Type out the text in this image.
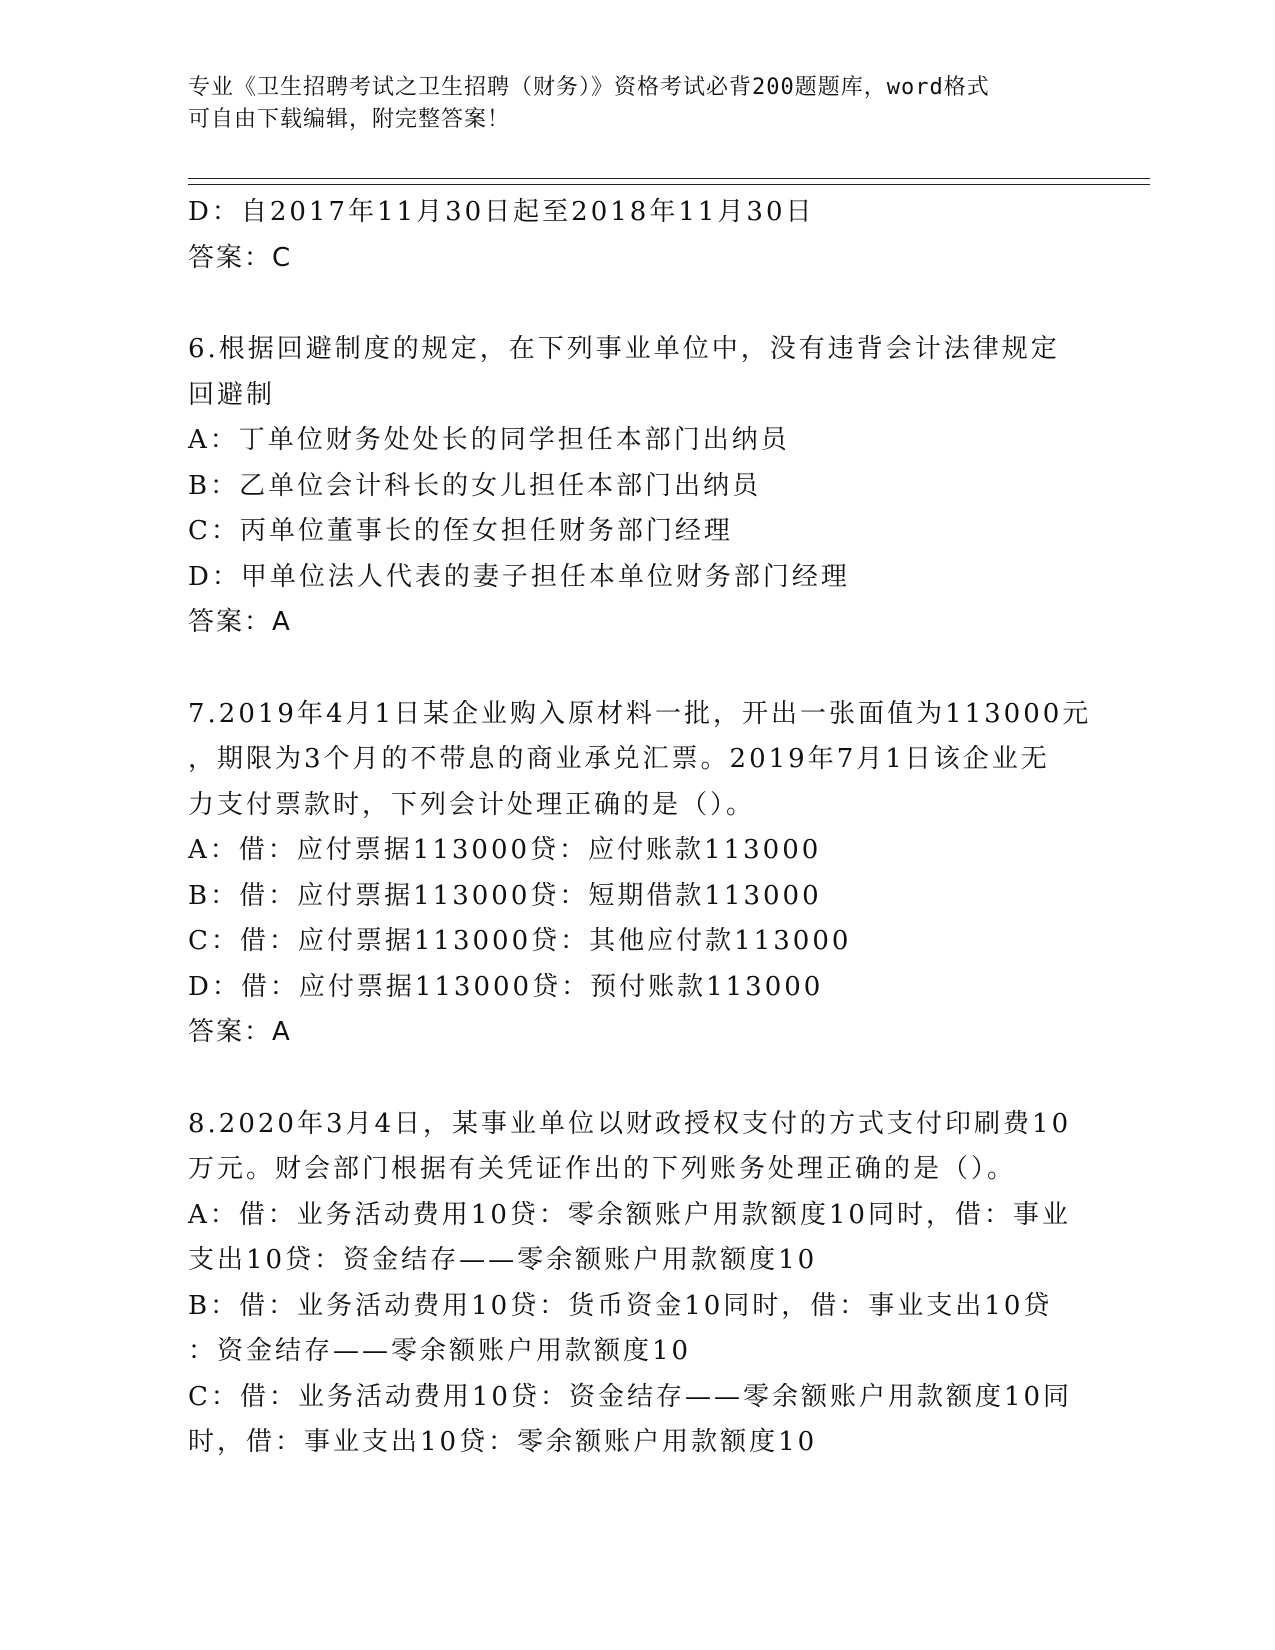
专业《卫生招聘考试之卫生招聘（财务）》资格考试必背200题题库，word格式
可自由下载编辑，附完整答案！
D：自2017年11月30日起至2018年11月30日
答案：C
6.根据回避制度的规定，在下列事业单位中，没有违背会计法律规定
回避制
A：丁单位财务处处长的同学担任本部门出纳员
B：乙单位会计科长的女儿担任本部门出纳员
C：丙单位董事长的侄女担任财务部门经理
D：甲单位法人代表的妻子担任本单位财务部门经理
答案：A
7.2019年4月1日某企业购入原材料一批，开出一张面值为113000元
，期限为3个月的不带息的商业承兑汇票。2019年7月1日该企业无
力支付票款时，下列会计处理正确的是（）。
A：借：应付票据113000贷：应付账款113000
B：借：应付票据113000贷：短期借款113000
C：借：应付票据113000贷：其他应付款113000
D：借：应付票据113000贷：预付账款113000
答案：A
8.2020年3月4日，某事业单位以财政授权支付的方式支付印刷费10
万元。财会部门根据有关凭证作出的下列账务处理正确的是（）。
A：借：业务活动费用10贷：零余额账户用款额度10同时，借：事业
支出10贷：资金结存——零余额账户用款额度10
B：借：业务活动费用10贷：货币资金10同时，借：事业支出10贷
：资金结存——零余额账户用款额度10
C：借：业务活动费用10贷：资金结存——零余额账户用款额度10同
时，借：事业支出10贷：零余额账户用款额度10
